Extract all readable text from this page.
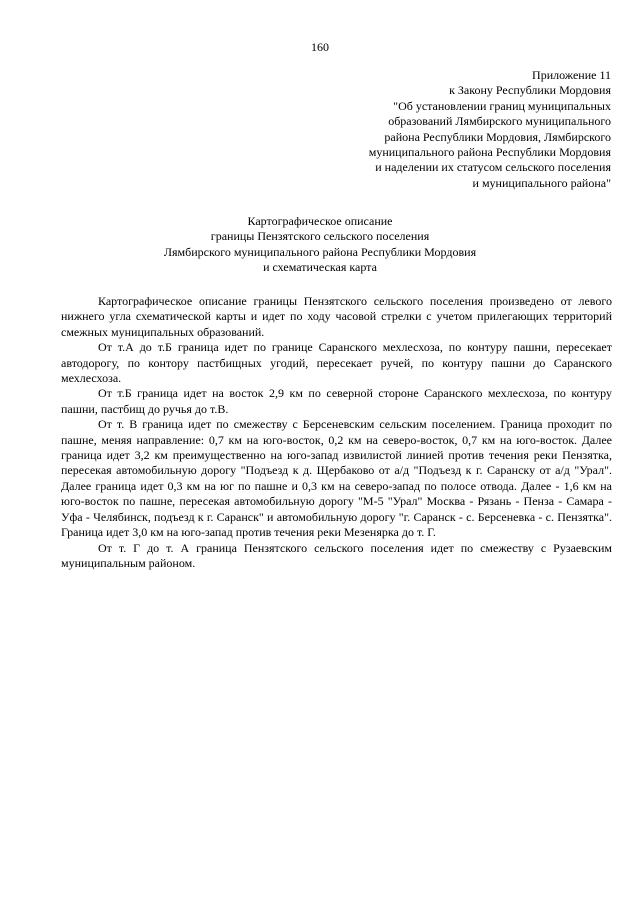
160
Приложение 11
к Закону Республики Мордовия
"Об установлении границ муниципальных
образований Лямбирского муниципального
района Республики Мордовия, Лямбирского
муниципального района Республики Мордовия
и наделении их статусом сельского поселения
и муниципального района"
Картографическое описание
границы Пензятского сельского поселения
Лямбирского муниципального района Республики Мордовия
и схематическая карта

Картографическое описание границы Пензятского сельского поселения произведено от левого нижнего угла схематической карты и идет по ходу часовой стрелки с учетом прилегающих территорий смежных муниципальных образований.

От т.А до т.Б граница идет по границе Саранского мехлесхоза, по контуру пашни, пересекает автодорогу, по контору пастбищных угодий, пересекает ручей, по контуру пашни до Саранского мехлесхоза.

От т.Б граница идет на восток 2,9 км по северной стороне Саранского мехлесхоза, по контуру пашни, пастбищ до ручья до т.В.

От т. В граница идет по смежеству с Берсеневским сельским поселением. Граница проходит по пашне, меняя направление: 0,7 км на юго-восток, 0,2 км на северо-восток, 0,7 км на юго-восток. Далее граница идет 3,2 км преимущественно на юго-запад извилистой линией против течения реки Пензятка, пересекая автомобильную дорогу "Подъезд к д. Щербаково от а/д "Подъезд к г. Саранску от а/д "Урал". Далее граница идет 0,3 км на юг по пашне и 0,3 км на северо-запад по полосе отвода. Далее - 1,6 км на юго-восток по пашне, пересекая автомобильную дорогу "М-5 "Урал" Москва - Рязань - Пенза - Самара - Уфа - Челябинск, подъезд к г. Саранск" и автомобильную дорогу "г. Саранск - с. Берсеневка - с. Пензятка". Граница идет 3,0 км на юго-запад против течения реки Мезенярка до т. Г.

От т. Г до т. А граница Пензятского сельского поселения идет по смежеству с Рузаевским муниципальным районом.
